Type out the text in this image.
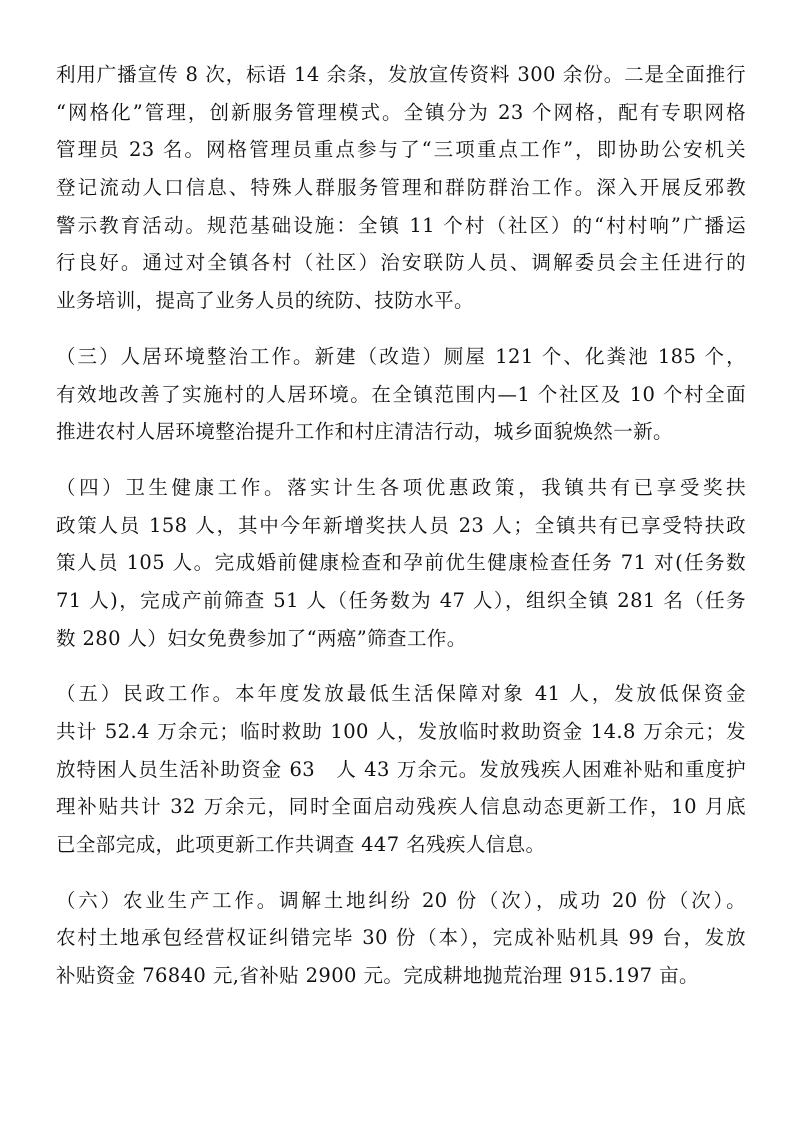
利用广播宣传 8 次，标语 14 余条，发放宣传资料 300 余份。二是全面推行
“网格化”管理，创新服务管理模式。全镇分为 23 个网格，配有专职网格
管理员 23 名。网格管理员重点参与了“三项重点工作”，即协助公安机关
登记流动人口信息、特殊人群服务管理和群防群治工作。深入开展反邪教
警示教育活动。规范基础设施：全镇 11 个村（社区）的“村村响”广播运
行良好。通过对全镇各村（社区）治安联防人员、调解委员会主任进行的
业务培训，提高了业务人员的统防、技防水平。
（三）人居环境整治工作。新建（改造）厕屋 121 个、化粪池 185 个，
有效地改善了实施村的人居环境。在全镇范围内—1 个社区及 10 个村全面
推进农村人居环境整治提升工作和村庄清洁行动，城乡面貌焕然一新。
（四）卫生健康工作。落实计生各项优惠政策，我镇共有已享受奖扶
政策人员 158 人，其中今年新增奖扶人员 23 人；全镇共有已享受特扶政
策人员 105 人。完成婚前健康检查和孕前优生健康检查任务 71 对(任务数
71 人)，完成产前筛查 51 人（任务数为 47 人），组织全镇 281 名（任务
数 280 人）妇女免费参加了“两癌”筛查工作。
（五）民政工作。本年度发放最低生活保障对象 41 人，发放低保资金
共计 52.4 万余元；临时救助 100 人，发放临时救助资金 14.8 万余元；发
放特困人员生活补助资金 63　人 43 万余元。发放残疾人困难补贴和重度护
理补贴共计 32 万余元，同时全面启动残疾人信息动态更新工作，10 月底
已全部完成，此项更新工作共调查 447 名残疾人信息。
（六）农业生产工作。调解土地纠纷 20 份（次），成功 20 份（次）。
农村土地承包经营权证纠错完毕 30 份（本），完成补贴机具 99 台，发放
补贴资金 76840 元,省补贴 2900 元。完成耕地抛荒治理 915.197 亩。
